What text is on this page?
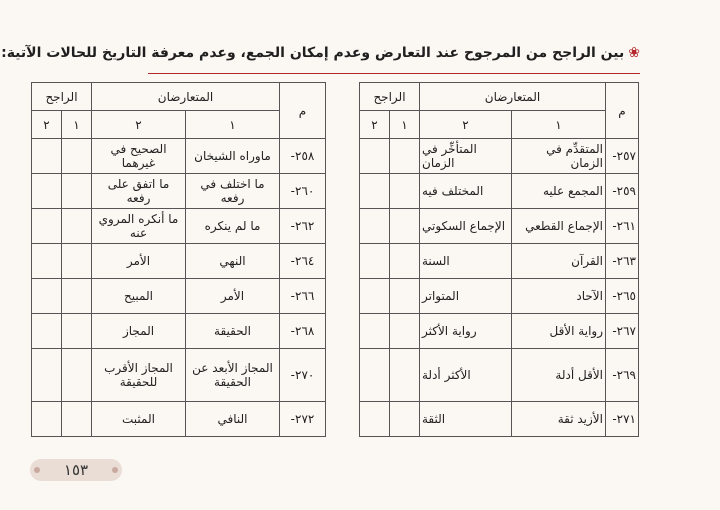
❀بين الراجح من المرجوح عند التعارض وعدم إمكان الجمع، وعدم معرفة التاريخ للحالات الآتية:
م	المتعارضان		الراجح	
	١	٢	١	٢
٢٥٧-	المتقدِّم في الزمان	المتأخِّر في الزمان		
٢٥٩-	المجمع عليه	المختلف فيه		
٢٦١-	الإجماع القطعي	الإجماع السكوتي		
٢٦٣-	القرآن	السنة		
٢٦٥-	الآحاد	المتواتر		
٢٦٧-	رواية الأقل	رواية الأكثر		
٢٦٩-	الأقل أدلة	الأكثر أدلة		
٢٧١-	الأزيد ثقة	الثقة		
م	المتعارضان		الراجح	
	١	٢	١	٢
٢٥٨-	ماوراه الشيخان	الصحيح في غيرهما		
٢٦٠-	ما اختلف في رفعه	ما اتفق على رفعه		
٢٦٢-	ما لم ينكره	ما أنكره المروي عنه		
٢٦٤-	النهي	الأمر		
٢٦٦-	الأمر	المبيح		
٢٦٨-	الحقيقة	المجاز		
٢٧٠-	المجاز الأبعد عن الحقيقة	المجاز الأقرب للحقيقة		
٢٧٢-	النافي	المثبت		
١٥٣
